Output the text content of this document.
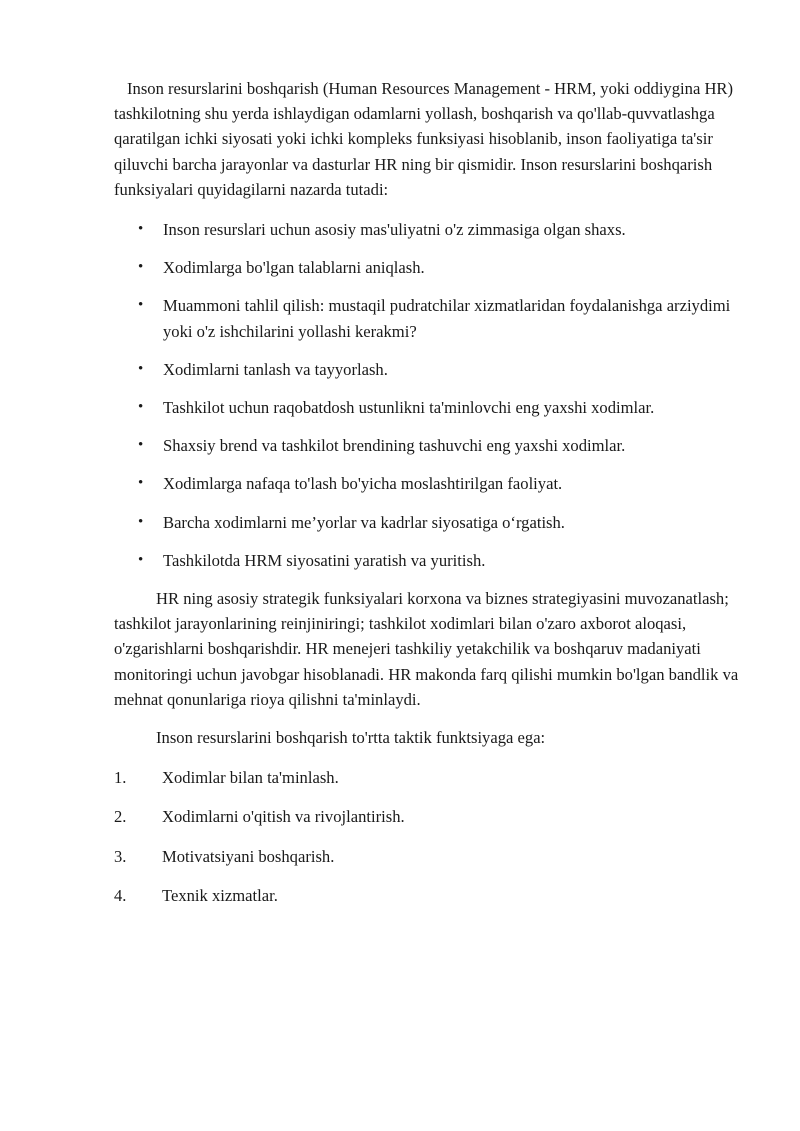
Inson resurslarini boshqarish (Human Resources Management - HRM, yoki oddiygina HR) tashkilotning shu yerda ishlaydigan odamlarni yollash, boshqarish va qo'llab-quvvatlashga qaratilgan ichki siyosati yoki ichki kompleks funksiyasi hisoblanib, inson faoliyatiga ta'sir qiluvchi barcha jarayonlar va dasturlar HR ning bir qismidir. Inson resurslarini boshqarish funksiyalari quyidagilarni nazarda tutadi:

• Inson resurslari uchun asosiy mas'uliyatni o'z zimmasiga olgan shaxs.
• Xodimlarga bo'lgan talablarni aniqlash.
• Muammoni tahlil qilish: mustaqil pudratchilar xizmatlaridan foydalanishga arziydimi yoki o'z ishchilarini yollashi kerakmi?
• Xodimlarni tanlash va tayyorlash.
• Tashkilot uchun raqobatdosh ustunlikni ta'minlovchi eng yaxshi xodimlar.
• Shaxsiy brend va tashkilot brendining tashuvchi eng yaxshi xodimlar.
• Xodimlarga nafaqa to'lash bo'yicha moslashtirilgan faoliyat.
• Barcha xodimlarni me’yorlar va kadrlar siyosatiga o‘rgatish.
• Tashkilotda HRM siyosatini yaratish va yuritish.

HR ning asosiy strategik funksiyalari korxona va biznes strategiyasini muvozanatlash; tashkilot jarayonlarining reinjiniringi; tashkilot xodimlari bilan o'zaro axborot aloqasi, o'zgarishlarni boshqarishdir. HR menejeri tashkiliy yetakchilik va boshqaruv madaniyati monitoringi uchun javobgar hisoblanadi. HR makonda farq qilishi mumkin bo'lgan bandlik va mehnat qonunlariga rioya qilishni ta'minlaydi.

Inson resurslarini boshqarish to'rtta taktik funktsiyaga ega:

1. Xodimlar bilan ta'minlash.
2. Xodimlarni o'qitish va rivojlantirish.
3. Motivatsiyani boshqarish.
4. Texnik xizmatlar.
